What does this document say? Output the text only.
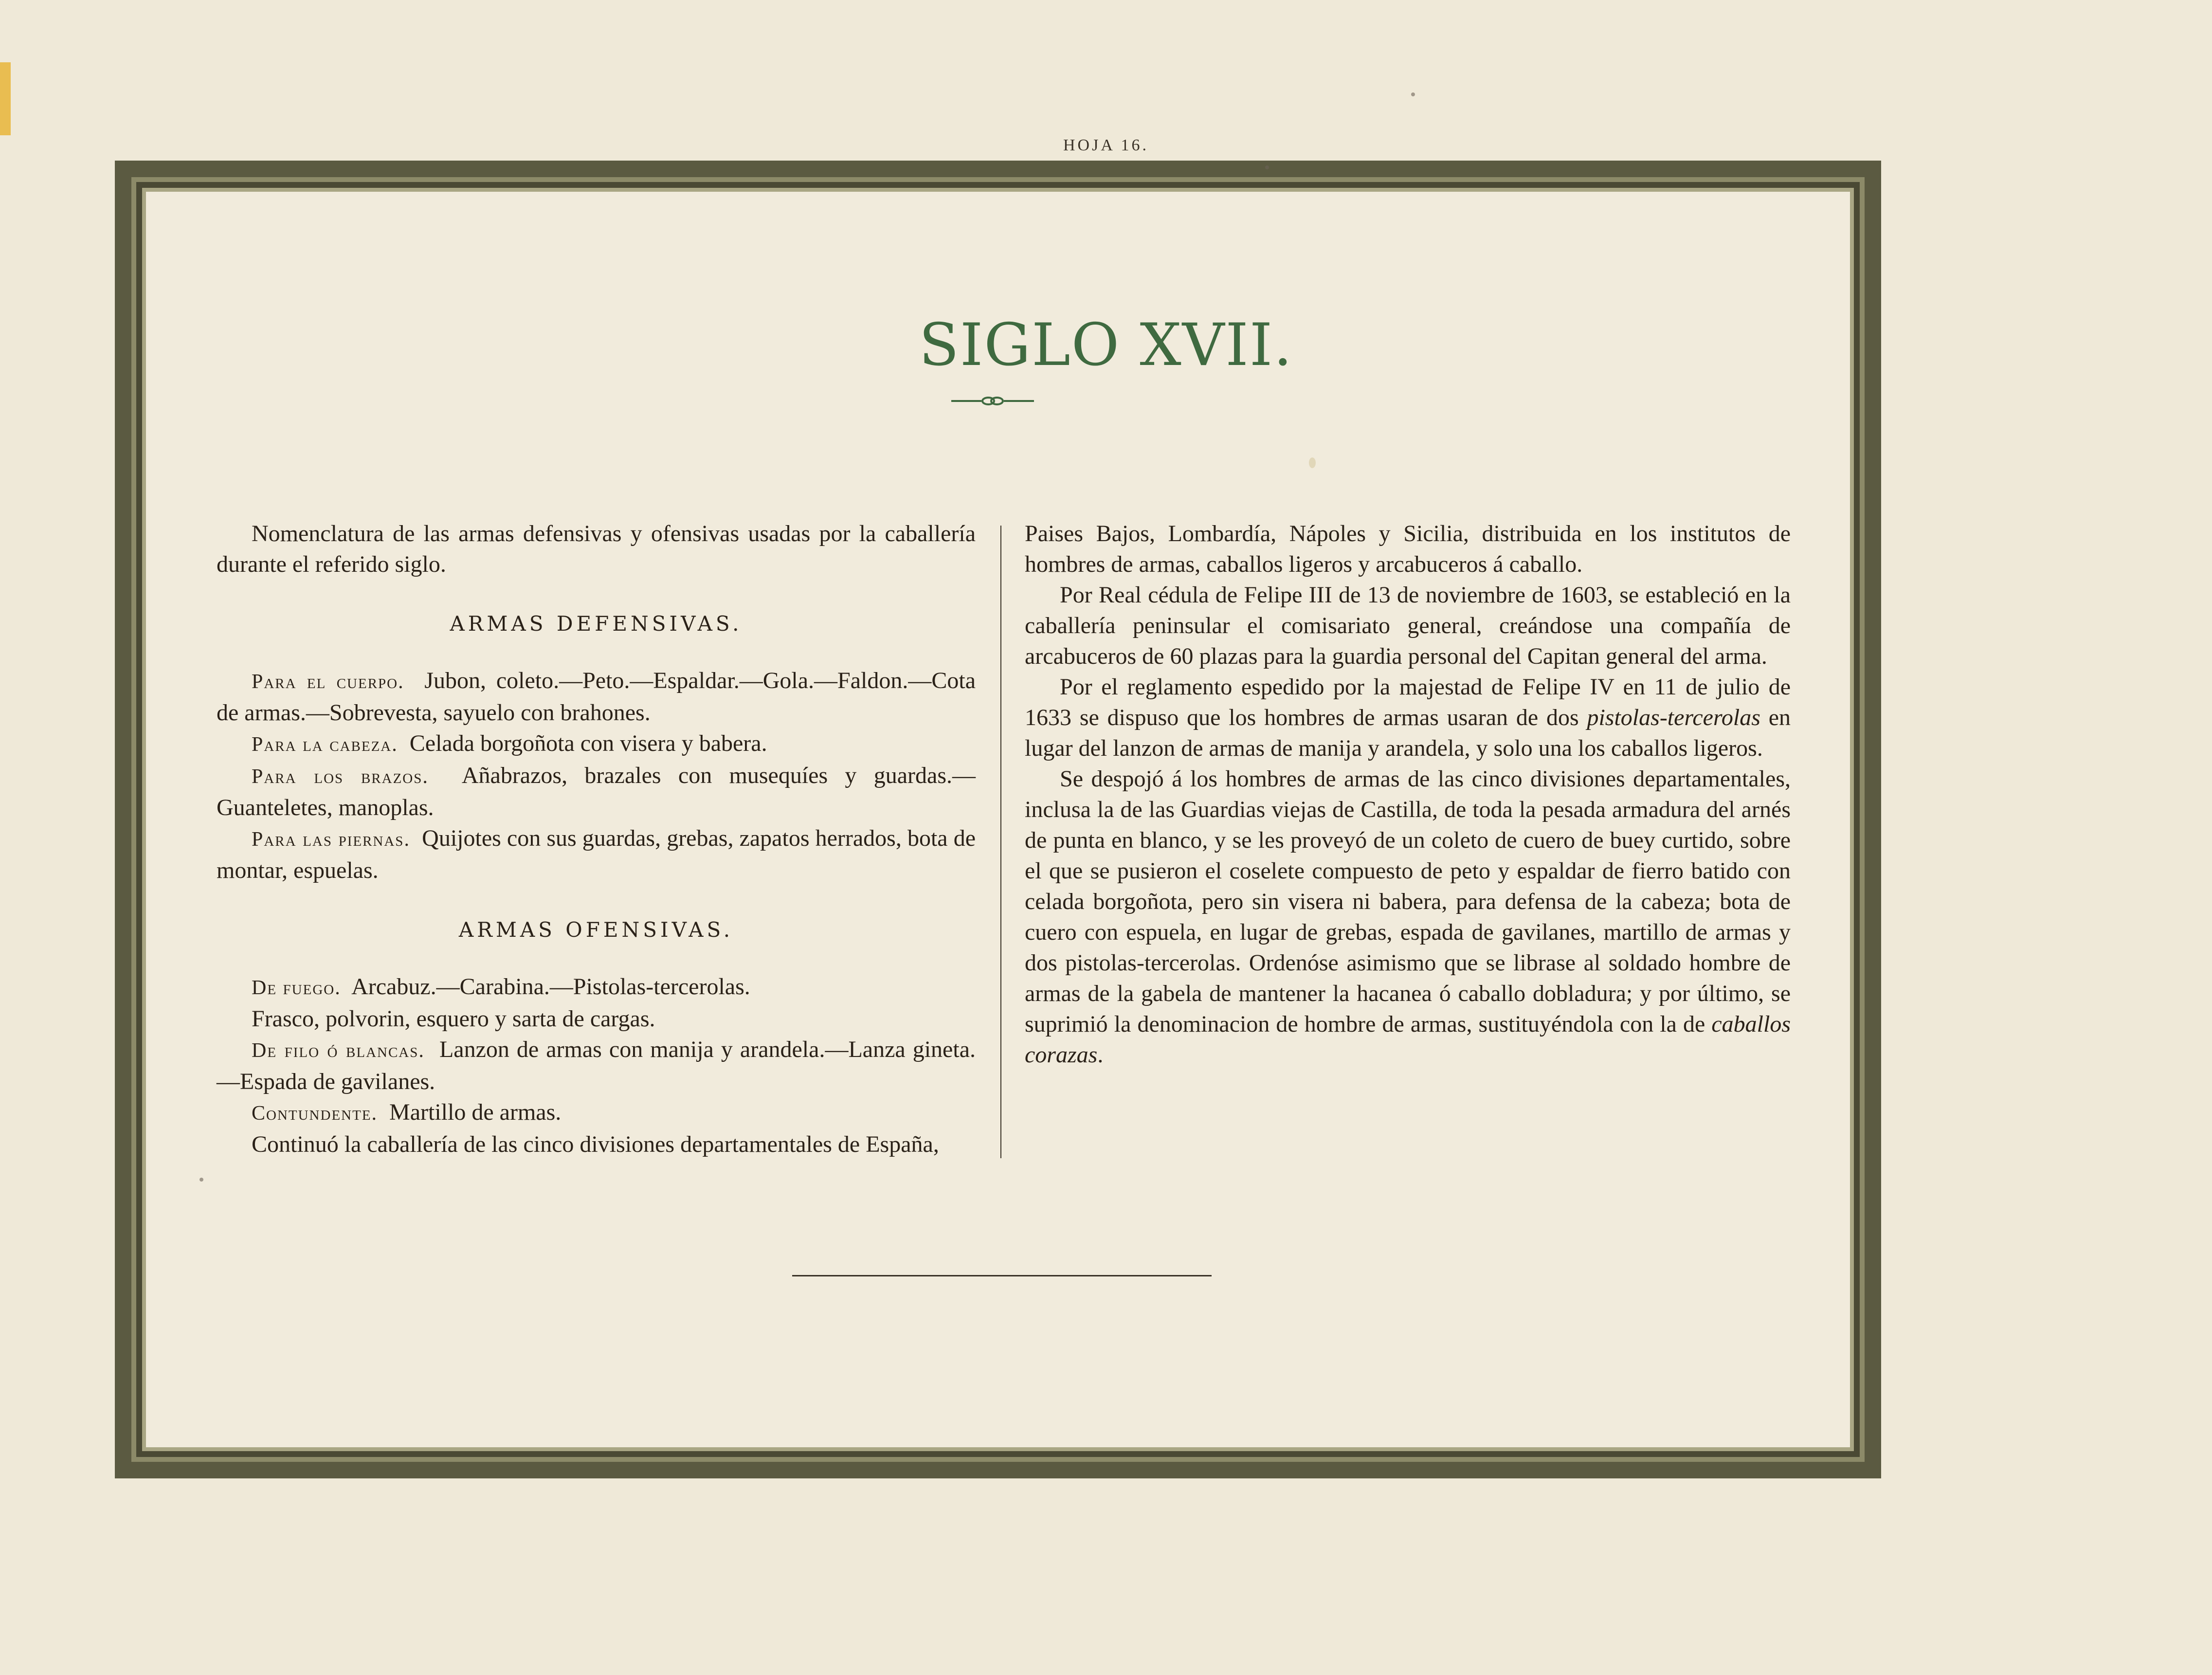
HOJA 16.
SIGLO XVII.

Nomenclatura de las armas defensivas y ofensivas usadas por la caballería durante el referido siglo.

ARMAS DEFENSIVAS.

Para el cuerpo. Jubon, coleto.—Peto.—Espaldar.—Gola.—Faldon.—Cota de armas.—Sobrevesta, sayuelo con brahones.

Para la cabeza. Celada borgoñota con visera y babera.

Para los brazos. Añabrazos, brazales con musequíes y guardas.—Guanteletes, manoplas.

Para las piernas. Quijotes con sus guardas, grebas, zapatos herrados, bota de montar, espuelas.

ARMAS OFENSIVAS.

De fuego. Arcabuz.—Carabina.—Pistolas-tercerolas.

Frasco, polvorin, esquero y sarta de cargas.

De filo ó blancas. Lanzon de armas con manija y arandela.—Lanza gineta.—Espada de gavilanes.

Contundente. Martillo de armas.

Continuó la caballería de las cinco divisiones departamentales de España,

Paises Bajos, Lombardía, Nápoles y Sicilia, distribuida en los institutos de hombres de armas, caballos ligeros y arcabuceros á caballo.

Por Real cédula de Felipe III de 13 de noviembre de 1603, se estableció en la caballería peninsular el comisariato general, creándose una compañía de arcabuceros de 60 plazas para la guardia personal del Capitan general del arma.

Por el reglamento espedido por la majestad de Felipe IV en 11 de julio de 1633 se dispuso que los hombres de armas usaran de dos pistolas-tercerolas en lugar del lanzon de armas de manija y arandela, y solo una los caballos ligeros.

Se despojó á los hombres de armas de las cinco divisiones departamentales, inclusa la de las Guardias viejas de Castilla, de toda la pesada armadura del arnés de punta en blanco, y se les proveyó de un coleto de cuero de buey curtido, sobre el que se pusieron el coselete compuesto de peto y espaldar de fierro batido con celada borgoñota, pero sin visera ni babera, para defensa de la cabeza; bota de cuero con espuela, en lugar de grebas, espada de gavilanes, martillo de armas y dos pistolas-tercerolas. Ordenóse asimismo que se librase al soldado hombre de armas de la gabela de mantener la hacanea ó caballo dobladura; y por último, se suprimió la denominacion de hombre de armas, sustituyéndola con la de caballos corazas.
